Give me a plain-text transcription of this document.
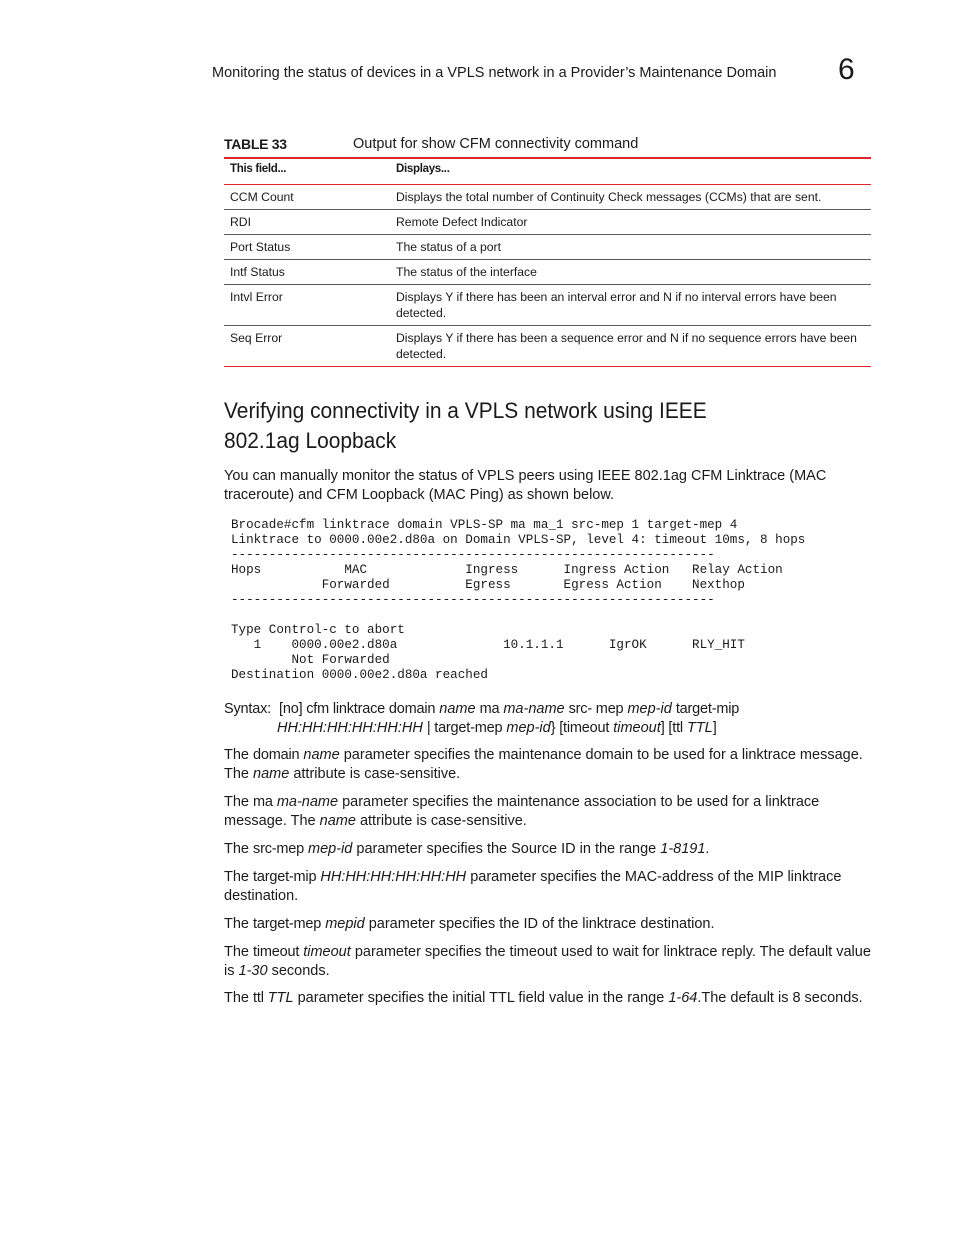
Monitoring the status of devices in a VPLS network in a Provider’s Maintenance Domain 6
TABLE 33	Output for show CFM connectivity command
This field...	Displays...
CCM Count	Displays the total number of Continuity Check messages (CCMs) that are sent.
RDI	Remote Defect Indicator
Port Status	The status of a port
Intf Status	The status of the interface
Intvl Error	Displays Y if there has been an interval error and N if no interval errors have been detected.
Seq Error	Displays Y if there has been a sequence error and N if no sequence errors have been detected.
Verifying connectivity in a VPLS network using IEEE 802.1ag Loopback
You can manually monitor the status of VPLS peers using IEEE 802.1ag CFM Linktrace (MAC traceroute) and CFM Loopback (MAC Ping) as shown below.
Brocade#cfm linktrace domain VPLS-SP ma ma_1 src-mep 1 target-mep 4
Linktrace to 0000.00e2.d80a on Domain VPLS-SP, level 4: timeout 10ms, 8 hops
----------------------------------------------------------------
Hops           MAC             Ingress      Ingress Action   Relay Action
Forwarded          Egress       Egress Action    Nexthop
----------------------------------------------------------------

Type Control-c to abort
1    0000.00e2.d80a              10.1.1.1      IgrOK      RLY_HIT
Not Forwarded
Destination 0000.00e2.d80a reached
Syntax: [no] cfm linktrace domain name ma ma-name src- mep mep-id target-mip
HH:HH:HH:HH:HH:HH | target-mep mep-id} [timeout timeout] [ttl TTL]
The domain name parameter specifies the maintenance domain to be used for a linktrace message. The name attribute is case-sensitive.
The ma ma-name parameter specifies the maintenance association to be used for a linktrace message. The name attribute is case-sensitive.
The src-mep mep-id parameter specifies the Source ID in the range 1-8191.
The target-mip HH:HH:HH:HH:HH:HH parameter specifies the MAC-address of the MIP linktrace destination.
The target-mep mepid parameter specifies the ID of the linktrace destination.
The timeout timeout parameter specifies the timeout used to wait for linktrace reply. The default value is 1-30 seconds.
The ttl TTL parameter specifies the initial TTL field value in the range 1-64.The default is 8 seconds.
